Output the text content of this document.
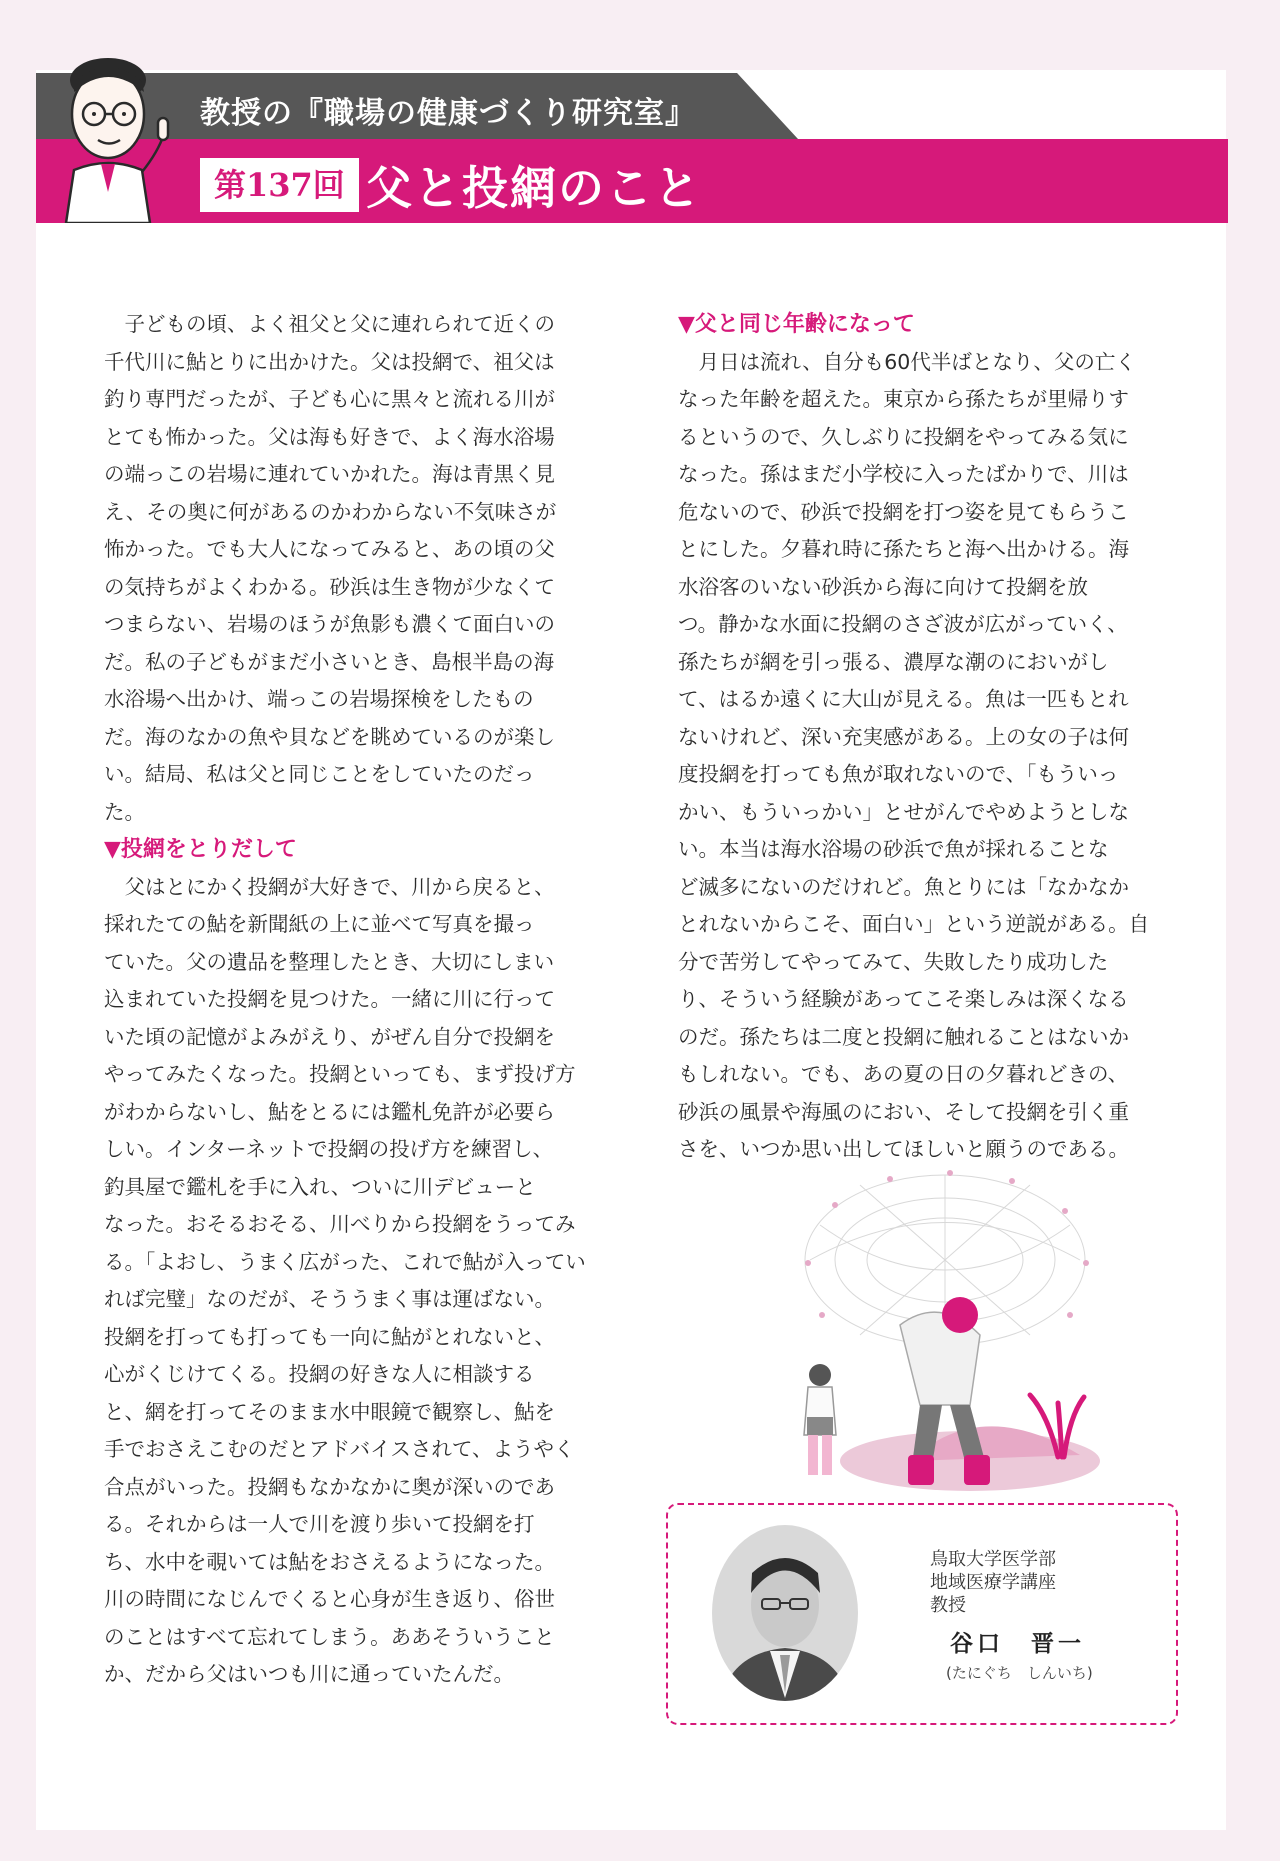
教授の『職場の健康づくり研究室』
第137回 父と投網のこと
子どもの頃、よく祖父と父に連れられて近くの
千代川に鮎とりに出かけた。父は投網で、祖父は
釣り専門だったが、子ども心に黒々と流れる川が
とても怖かった。父は海も好きで、よく海水浴場
の端っこの岩場に連れていかれた。海は青黒く見
え、その奥に何があるのかわからない不気味さが
怖かった。でも大人になってみると、あの頃の父
の気持ちがよくわかる。砂浜は生き物が少なくて
つまらない、岩場のほうが魚影も濃くて面白いの
だ。私の子どもがまだ小さいとき、島根半島の海
水浴場へ出かけ、端っこの岩場探検をしたもの
だ。海のなかの魚や貝などを眺めているのが楽し
い。結局、私は父と同じことをしていたのだっ
た。
▼投網をとりだして
父はとにかく投網が大好きで、川から戻ると、
採れたての鮎を新聞紙の上に並べて写真を撮っ
ていた。父の遺品を整理したとき、大切にしまい
込まれていた投網を見つけた。一緒に川に行って
いた頃の記憶がよみがえり、がぜん自分で投網を
やってみたくなった。投網といっても、まず投げ方
がわからないし、鮎をとるには鑑札免許が必要ら
しい。インターネットで投網の投げ方を練習し、
釣具屋で鑑札を手に入れ、ついに川デビューと
なった。おそるおそる、川べりから投網をうってみ
る。「よおし、うまく広がった、これで鮎が入ってい
れば完璧」なのだが、そううまく事は運ばない。
投網を打っても打っても一向に鮎がとれないと、
心がくじけてくる。投網の好きな人に相談する
と、網を打ってそのまま水中眼鏡で観察し、鮎を
手でおさえこむのだとアドバイスされて、ようやく
合点がいった。投網もなかなかに奥が深いのであ
る。それからは一人で川を渡り歩いて投網を打
ち、水中を覗いては鮎をおさえるようになった。
川の時間になじんでくると心身が生き返り、俗世
のことはすべて忘れてしまう。ああそういうこと
か、だから父はいつも川に通っていたんだ。
▼父と同じ年齢になって
月日は流れ、自分も60代半ばとなり、父の亡く
なった年齢を超えた。東京から孫たちが里帰りす
るというので、久しぶりに投網をやってみる気に
なった。孫はまだ小学校に入ったばかりで、川は
危ないので、砂浜で投網を打つ姿を見てもらうこ
とにした。夕暮れ時に孫たちと海へ出かける。海
水浴客のいない砂浜から海に向けて投網を放
つ。静かな水面に投網のさざ波が広がっていく、
孫たちが網を引っ張る、濃厚な潮のにおいがし
て、はるか遠くに大山が見える。魚は一匹もとれ
ないけれど、深い充実感がある。上の女の子は何
度投網を打っても魚が取れないので、「もういっ
かい、もういっかい」とせがんでやめようとしな
い。本当は海水浴場の砂浜で魚が採れることな
ど滅多にないのだけれど。魚とりには「なかなか
とれないからこそ、面白い」という逆説がある。自
分で苦労してやってみて、失敗したり成功した
り、そういう経験があってこそ楽しみは深くなる
のだ。孫たちは二度と投網に触れることはないか
もしれない。でも、あの夏の日の夕暮れどきの、
砂浜の風景や海風のにおい、そして投網を引く重
さを、いつか思い出してほしいと願うのである。
鳥取大学医学部
地域医療学講座
教授
谷口　晋一
(たにぐち　しんいち)
